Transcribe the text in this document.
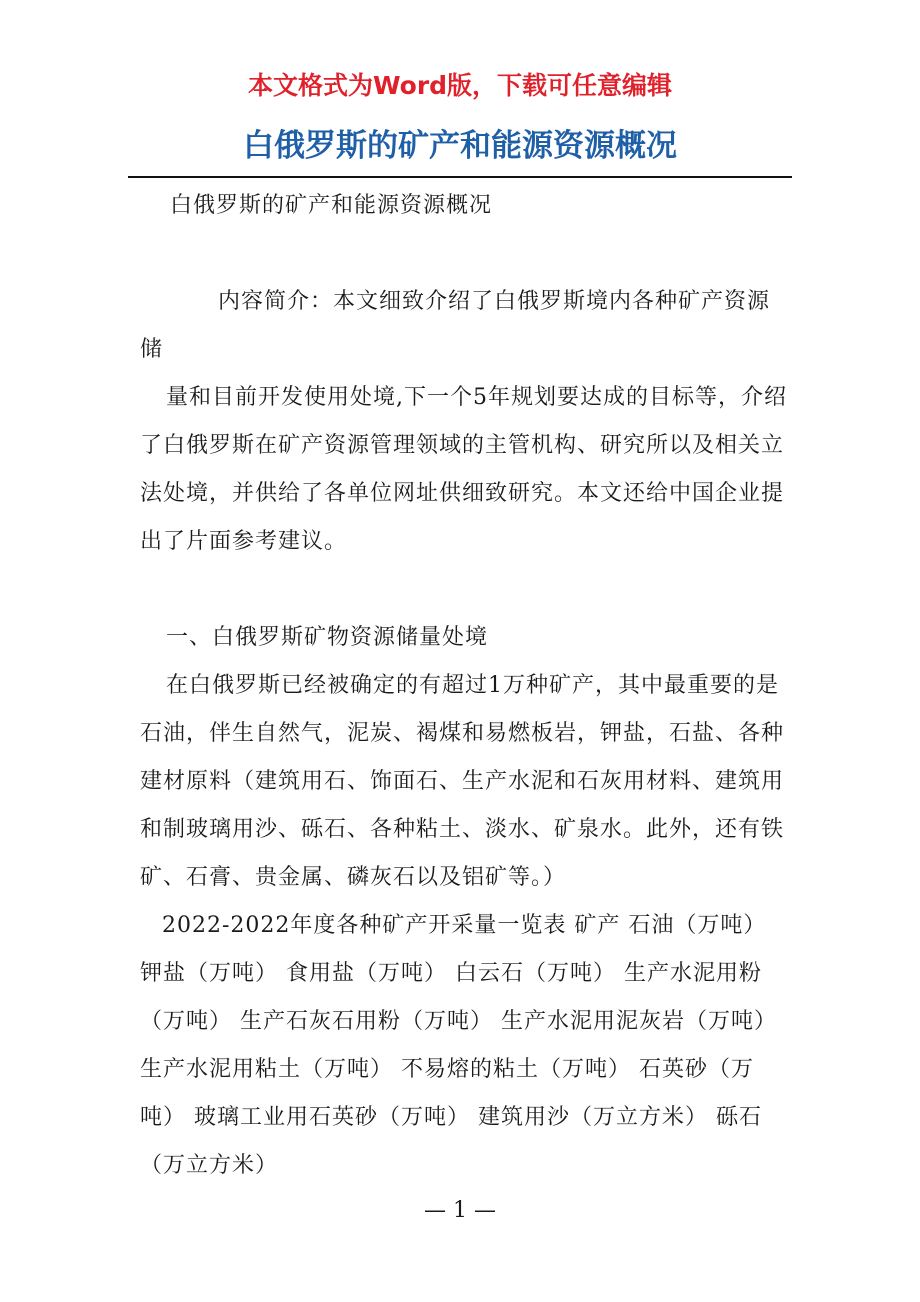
本文格式为Word版，下载可任意编辑
白俄罗斯的矿产和能源资源概况

白俄罗斯的矿产和能源资源概况

内容简介：本文细致介绍了白俄罗斯境内各种矿产资源储

量和目前开发使用处境,下一个5年规划要达成的目标等，介绍了白俄罗斯在矿产资源管理领域的主管机构、研究所以及相关立法处境，并供给了各单位网址供细致研究。本文还给中国企业提出了片面参考建议。

一、白俄罗斯矿物资源储量处境

在白俄罗斯已经被确定的有超过1万种矿产，其中最重要的是石油，伴生自然气，泥炭、褐煤和易燃板岩，钾盐，石盐、各种建材原料（建筑用石、饰面石、生产水泥和石灰用材料、建筑用和制玻璃用沙、砾石、各种粘土、淡水、矿泉水。此外，还有铁矿、石膏、贵金属、磷灰石以及铝矿等。）

2022-2022年度各种矿产开采量一览表 矿产 石油（万吨） 钾盐（万吨） 食用盐（万吨） 白云石（万吨） 生产水泥用粉（万吨） 生产石灰石用粉（万吨） 生产水泥用泥灰岩（万吨） 生产水泥用粘土（万吨） 不易熔的粘土（万吨） 石英砂（万吨） 玻璃工业用石英砂（万吨） 建筑用沙（万立方米） 砾石（万立方米）

— 1 —
